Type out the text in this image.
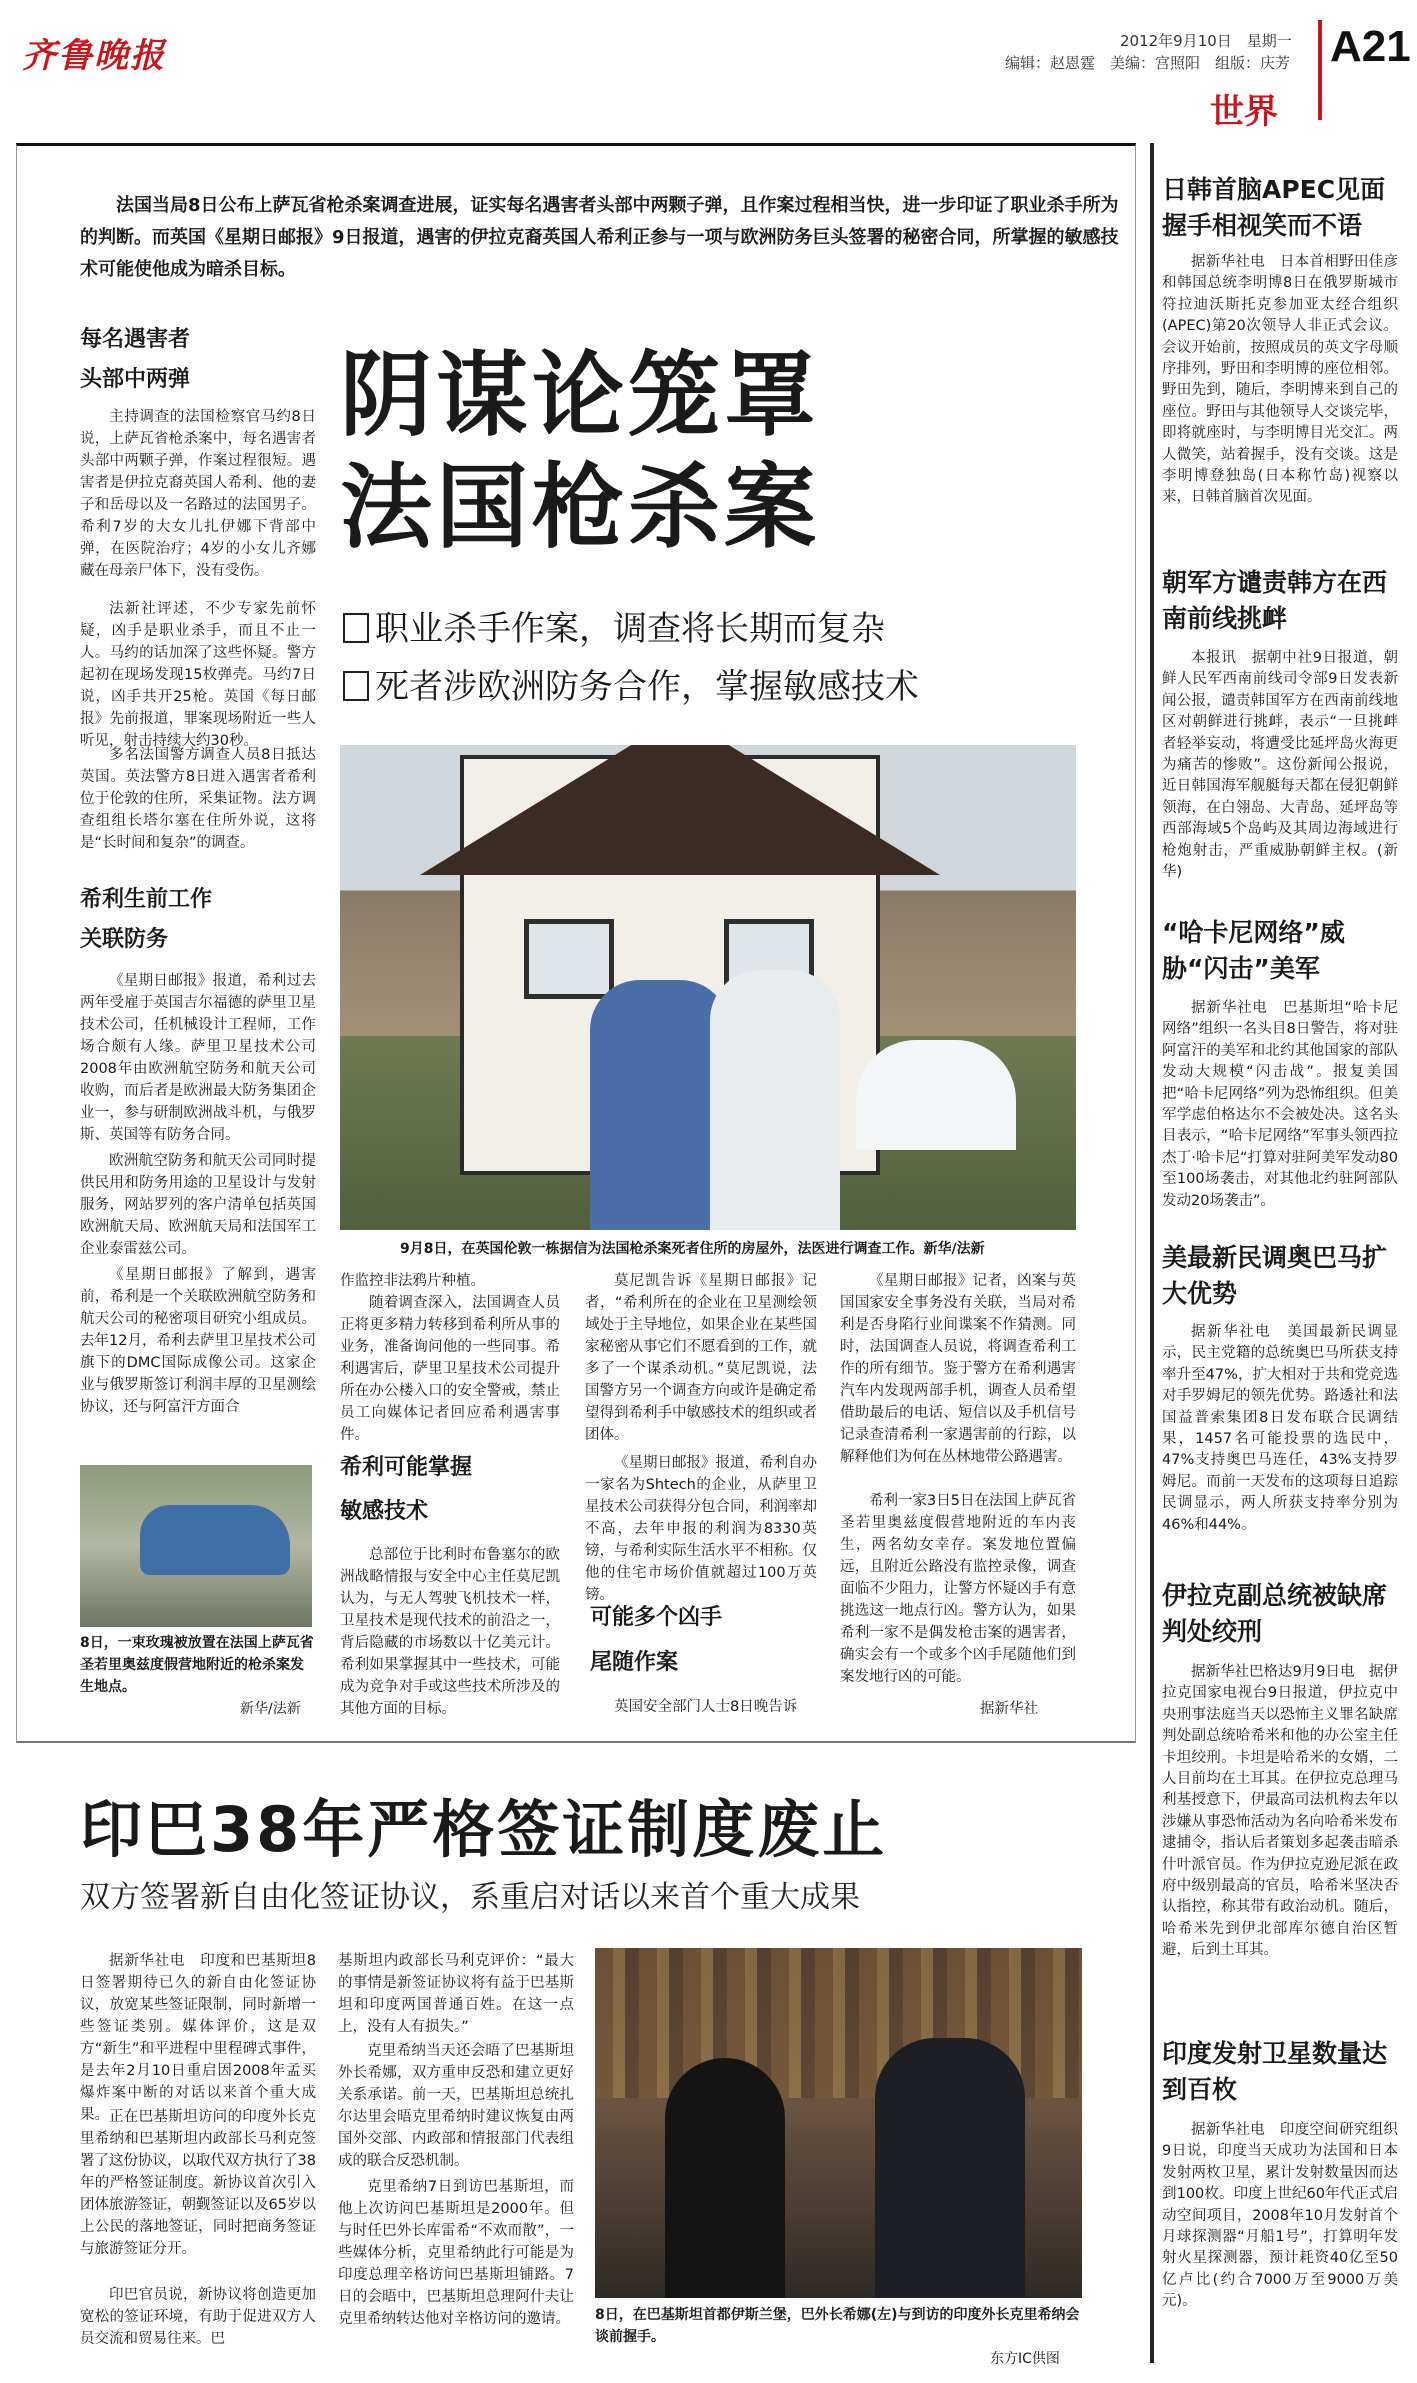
齐鲁晚报	2012年9月10日　星期一
编辑：赵恩霆　美编：宫照阳　组版：庆芳 A21
世界

法国当局8日公布上萨瓦省枪杀案调查进展，证实每名遇害者头部中两颗子弹，且作案过程相当快，进一步印证了职业杀手所为的判断。而英国《星期日邮报》9日报道，遇害的伊拉克裔英国人希利正参与一项与欧洲防务巨头签署的秘密合同，所掌握的敏感技术可能使他成为暗杀目标。

每名遇害者
头部中两弹

主持调查的法国检察官马约8日说，上萨瓦省枪杀案中，每名遇害者头部中两颗子弹，作案过程很短。遇害者是伊拉克裔英国人希利、他的妻子和岳母以及一名路过的法国男子。希利7岁的大女儿扎伊娜下背部中弹，在医院治疗；4岁的小女儿齐娜藏在母亲尸体下，没有受伤。

法新社评述，不少专家先前怀疑，凶手是职业杀手，而且不止一人。马约的话加深了这些怀疑。警方起初在现场发现15枚弹壳。马约7日说，凶手共开25枪。英国《每日邮报》先前报道，罪案现场附近一些人听见，射击持续大约30秒。

多名法国警方调查人员8日抵达英国。英法警方8日进入遇害者希利位于伦敦的住所，采集证物。法方调查组组长塔尔塞在住所外说，这将是“长时间和复杂”的调查。

希利生前工作
关联防务

《星期日邮报》报道，希利过去两年受雇于英国吉尔福德的萨里卫星技术公司，任机械设计工程师，工作场合颇有人缘。萨里卫星技术公司2008年由欧洲航空防务和航天公司收购，而后者是欧洲最大防务集团企业一，参与研制欧洲战斗机，与俄罗斯、英国等有防务合同。

欧洲航空防务和航天公司同时提供民用和防务用途的卫星设计与发射服务，网站罗列的客户清单包括英国欧洲航天局、欧洲航天局和法国军工企业泰雷兹公司。

《星期日邮报》了解到，遇害前，希利是一个关联欧洲航空防务和航天公司的秘密项目研究小组成员。去年12月，希利去萨里卫星技术公司旗下的DMC国际成像公司。这家企业与俄罗斯签订利润丰厚的卫星测绘协议，还与阿富汗方面合

8日，一束玫瑰被放置在法国上萨瓦省圣若里奥兹度假营地附近的枪杀案发生地点。

新华/法新

阴谋论笼罩
法国枪杀案
职业杀手作案，调查将长期而复杂
死者涉欧洲防务合作，掌握敏感技术

9月8日，在英国伦敦一栋据信为法国枪杀案死者住所的房屋外，法医进行调查工作。新华/法新

作监控非法鸦片种植。

随着调查深入，法国调查人员正将更多精力转移到希利所从事的业务，准备询问他的一些同事。希利遇害后，萨里卫星技术公司提升所在办公楼入口的安全警戒，禁止员工向媒体记者回应希利遇害事件。

希利可能掌握
敏感技术

总部位于比利时布鲁塞尔的欧洲战略情报与安全中心主任莫尼凯认为，与无人驾驶飞机技术一样，卫星技术是现代技术的前沿之一，背后隐藏的市场数以十亿美元计。希利如果掌握其中一些技术，可能成为竞争对手或这些技术所涉及的其他方面的目标。

莫尼凯告诉《星期日邮报》记者，“希利所在的企业在卫星测绘领域处于主导地位，如果企业在某些国家秘密从事它们不愿看到的工作，就多了一个谋杀动机。”莫尼凯说，法国警方另一个调查方向或许是确定希望得到希利手中敏感技术的组织或者团体。

《星期日邮报》报道，希利自办一家名为Shtech的企业，从萨里卫星技术公司获得分包合同，利润率却不高，去年申报的利润为8330英镑，与希利实际生活水平不相称。仅他的住宅市场价值就超过100万英镑。

可能多个凶手
尾随作案

英国安全部门人士8日晚告诉

《星期日邮报》记者，凶案与英国国家安全事务没有关联，当局对希利是否身陷行业间谍案不作猜测。同时，法国调查人员说，将调查希利工作的所有细节。鉴于警方在希利遇害汽车内发现两部手机，调查人员希望借助最后的电话、短信以及手机信号记录查清希利一家遇害前的行踪，以解释他们为何在丛林地带公路遇害。

希利一家3日5日在法国上萨瓦省圣若里奥兹度假营地附近的车内丧生，两名幼女幸存。案发地位置偏远，且附近公路没有监控录像，调查面临不少阻力，让警方怀疑凶手有意挑选这一地点行凶。警方认为，如果希利一家不是偶发枪击案的遇害者，确实会有一个或多个凶手尾随他们到案发地行凶的可能。

据新华社

印巴38年严格签证制度废止
双方签署新自由化签证协议，系重启对话以来首个重大成果

据新华社电　印度和巴基斯坦8日签署期待已久的新自由化签证协议，放宽某些签证限制，同时新增一些签证类别。媒体评价，这是双方“新生”和平进程中里程碑式事件，是去年2月10日重启因2008年孟买爆炸案中断的对话以来首个重大成果。 正在巴基斯坦访问的印度外长克里希纳和巴基斯坦内政部长马利克签署了这份协议，以取代双方执行了38年的严格签证制度。新协议首次引入团体旅游签证，朝觐签证以及65岁以上公民的落地签证，同时把商务签证与旅游签证分开。

印巴官员说，新协议将创造更加宽松的签证环境，有助于促进双方人员交流和贸易往来。巴

基斯坦内政部长马利克评价：“最大的事情是新签证协议将有益于巴基斯坦和印度两国普通百姓。在这一点上，没有人有损失。”

克里希纳当天还会晤了巴基斯坦外长希娜，双方重申反恐和建立更好关系承诺。前一天，巴基斯坦总统扎尔达里会晤克里希纳时建议恢复由两国外交部、内政部和情报部门代表组成的联合反恐机制。

克里希纳7日到访巴基斯坦，而他上次访问巴基斯坦是2000年。但与时任巴外长库雷希“不欢而散”，一些媒体分析，克里希纳此行可能是为印度总理辛格访问巴基斯坦铺路。7日的会晤中，巴基斯坦总理阿什夫让克里希纳转达他对辛格访问的邀请。 8日，在巴基斯坦首都伊斯兰堡，巴外长希娜(左)与到访的印度外长克里希纳会谈前握手。

东方IC供图

日韩首脑APEC见面握手相视笑而不语

据新华社电　日本首相野田佳彦和韩国总统李明博8日在俄罗斯城市符拉迪沃斯托克参加亚太经合组织(APEC)第20次领导人非正式会议。会议开始前，按照成员的英文字母顺序排列，野田和李明博的座位相邻。野田先到，随后，李明博来到自己的座位。野田与其他领导人交谈完毕，即将就座时，与李明博目光交汇。两人微笑，站着握手，没有交谈。这是李明博登独岛(日本称竹岛)视察以来，日韩首脑首次见面。

朝军方谴责韩方在西南前线挑衅

本报讯　据朝中社9日报道，朝鲜人民军西南前线司令部9日发表新闻公报，谴责韩国军方在西南前线地区对朝鲜进行挑衅，表示“一旦挑衅者轻举妄动，将遭受比延坪岛火海更为痛苦的惨败”。这份新闻公报说，近日韩国海军舰艇每天都在侵犯朝鲜领海，在白翎岛、大青岛、延坪岛等西部海域5个岛屿及其周边海域进行枪炮射击，严重威胁朝鲜主权。(新华)

“哈卡尼网络”威胁“闪击”美军

据新华社电　巴基斯坦“哈卡尼网络”组织一名头目8日警告，将对驻阿富汗的美军和北约其他国家的部队发动大规模“闪击战”。报复美国把“哈卡尼网络”列为恐怖组织。但美军学虑伯格达尔不会被处决。这名头目表示，“哈卡尼网络”军事头领西拉杰丁·哈卡尼“打算对驻阿美军发动80至100场袭击，对其他北约驻阿部队发动20场袭击”。

美最新民调奥巴马扩大优势

据新华社电　美国最新民调显示，民主党籍的总统奥巴马所获支持率升至47%，扩大相对于共和党竞选对手罗姆尼的领先优势。路透社和法国益普索集团8日发布联合民调结果，1457名可能投票的选民中，47%支持奥巴马连任，43%支持罗姆尼。而前一天发布的这项每日追踪民调显示，两人所获支持率分别为46%和44%。

伊拉克副总统被缺席判处绞刑

据新华社巴格达9月9日电　据伊拉克国家电视台9日报道，伊拉克中央刑事法庭当天以恐怖主义罪名缺席判处副总统哈希米和他的办公室主任卡坦绞刑。卡坦是哈希米的女婿，二人目前均在土耳其。在伊拉克总理马利基授意下，伊最高司法机构去年以涉嫌从事恐怖活动为名向哈希米发布逮捕令，指认后者策划多起袭击暗杀什叶派官员。作为伊拉克逊尼派在政府中级别最高的官员，哈希米坚决否认指控，称其带有政治动机。随后，哈希米先到伊北部库尔德自治区暂避，后到土耳其。

印度发射卫星数量达到百枚

据新华社电　印度空间研究组织9日说，印度当天成功为法国和日本发射两枚卫星，累计发射数量因而达到100枚。印度上世纪60年代正式启动空间项目，2008年10月发射首个月球探测器“月船1号”，打算明年发射火星探测器，预计耗资40亿至50亿卢比(约合7000万至9000万美元)。
